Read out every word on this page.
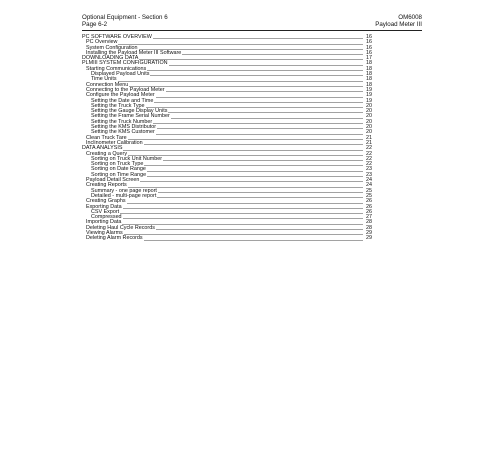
Optional Equipment - Section 6	OM6008
Page 6-2	Payload Meter III
PC SOFTWARE OVERVIEW	16
PC Overview	16
System Configuration	16
Installing the Payload Meter III Software	16
DOWNLOADING DATA	17
PLMIII SYSTEM CONFIGURATION	18
Starting Communications	18
Displayed Payload Units	18
Time Units	18
Connection Menu	18
Connecting to the Payload Meter	19
Configure the Payload Meter	19
Setting the Date and Time	19
Setting the Truck Type	20
Setting the Gauge Display Units	20
Setting the Frame Serial Number	20
Setting the Truck Number	20
Setting the KMS Distributor	20
Setting the KMS Customer	20
Clean Truck Tare	21
Inclinometer Calibration	21
DATA ANALYSIS	22
Creating a Query	22
Sorting on Truck Unit Number	22
Sorting on Truck Type	22
Sorting on Date Range	23
Sorting on Time Range	23
Payload Detail Screen	24
Creating Reports	24
Summary - one page report	25
Detailed - multi-page report	25
Creating Graphs	26
Exporting Data	26
CSV Export	26
Compressed	27
Importing Data	28
Deleting Haul Cycle Records	28
Viewing Alarms	29
Deleting Alarm Records	29
